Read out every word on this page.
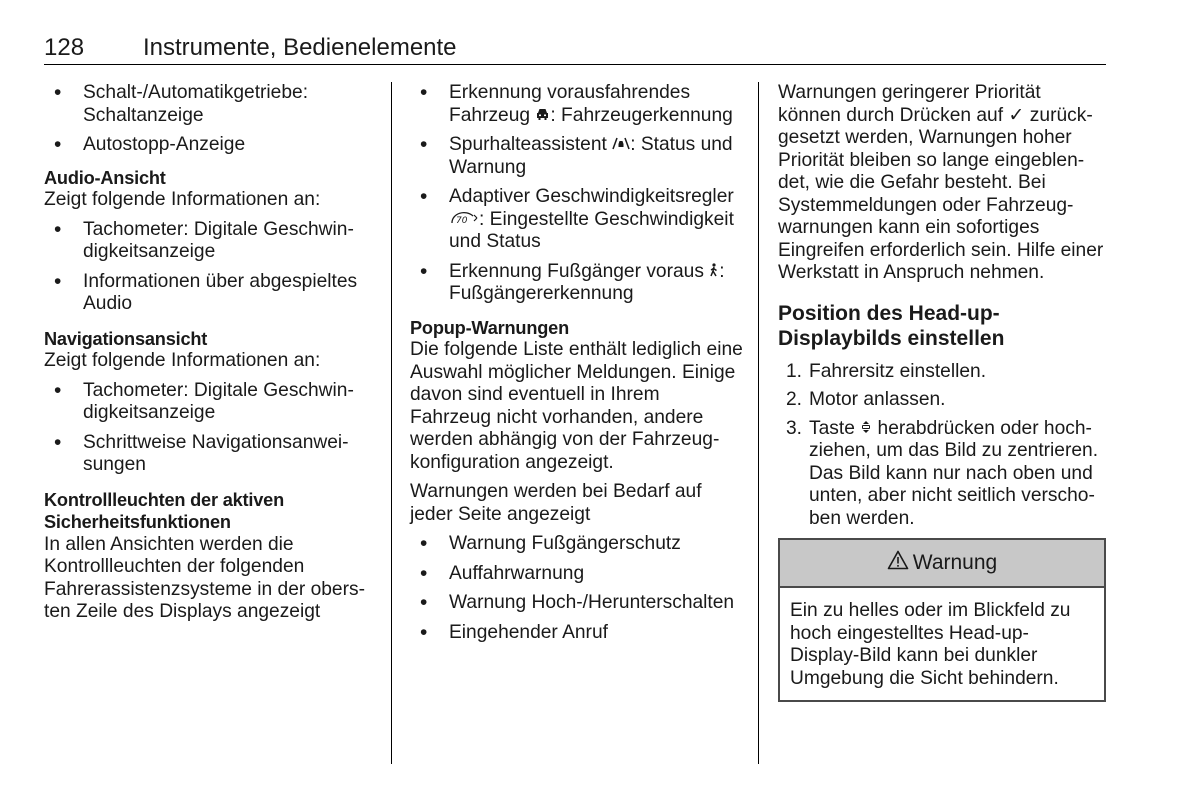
128 Instrumente, Bedienelemente
• Schalt-/Automatikgetriebe: Schaltanzeige
• Autostopp-Anzeige

Audio-Ansicht

Zeigt folgende Informationen an:

• Tachometer: Digitale Geschwindigkeitsanzeige
• Informationen über abgespieltes Audio

Navigationsansicht

Zeigt folgende Informationen an:

• Tachometer: Digitale Geschwindigkeitsanzeige
• Schrittweise Navigationsanweisungen

Kontrollleuchten der aktiven Sicherheitsfunktionen

In allen Ansichten werden die Kontrollleuchten der folgenden Fahrerassistenzsysteme in der obersten Zeile des Displays angezeigt

• Erkennung vorausfahrendes Fahrzeug : Fahrzeugerkennung
• Spurhalteassistent : Status und Warnung
• Adaptiver Geschwindigkeitsregler
70 : Eingestellte Geschwindigkeit und Status
• Erkennung Fußgänger voraus : Fußgängererkennung

Popup-Warnungen

Die folgende Liste enthält lediglich eine Auswahl möglicher Meldungen. Einige davon sind eventuell in Ihrem Fahrzeug nicht vorhanden, andere werden abhängig von der Fahrzeugkonfiguration angezeigt.

Warnungen werden bei Bedarf auf jeder Seite angezeigt

• Warnung Fußgängerschutz
• Auffahrwarnung
• Warnung Hoch-/Herunterschalten
• Eingehender Anruf

Warnungen geringerer Priorität können durch Drücken auf ✓ zurückgesetzt werden, Warnungen hoher Priorität bleiben so lange eingeblendet, wie die Gefahr besteht. Bei Systemmeldungen oder Fahrzeugwarnungen kann ein sofortiges Eingreifen erforderlich sein. Hilfe einer Werkstatt in Anspruch nehmen.

Position des Head-up-Displaybilds einstellen

1. Fahrersitz einstellen.
2. Motor anlassen.
3. Taste  herabdrücken oder hochziehen, um das Bild zu zentrieren. Das Bild kann nur nach oben und unten, aber nicht seitlich verschoben werden.
Warnung
Ein zu helles oder im Blickfeld zu hoch eingestelltes Head-up-Display-Bild kann bei dunkler Umgebung die Sicht behindern.
